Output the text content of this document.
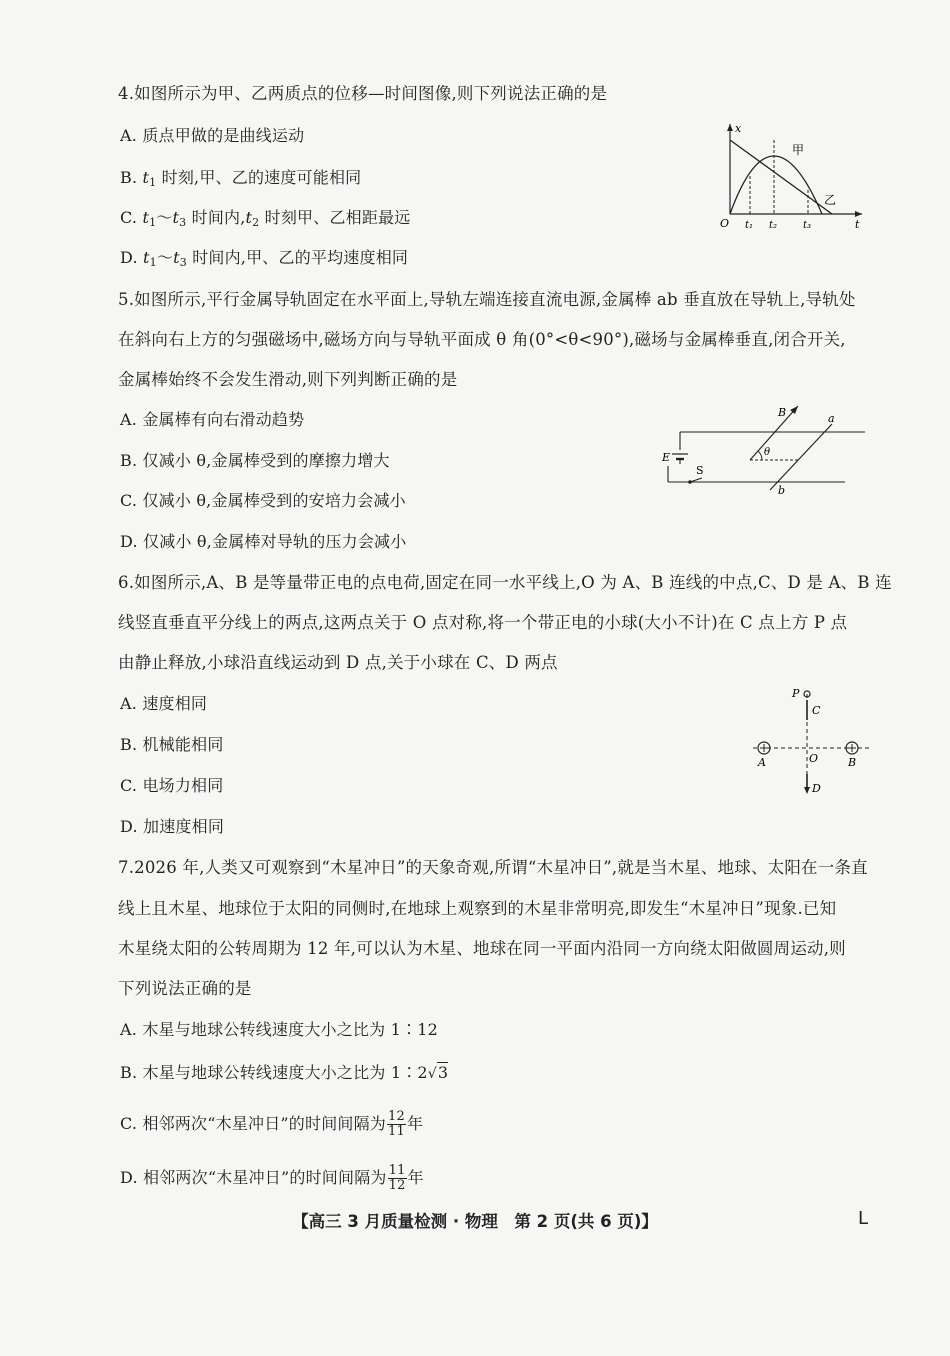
4.如图所示为甲、乙两质点的位移—时间图像,则下列说法正确的是
A. 质点甲做的是曲线运动
B. $t_1$ 时刻,甲、乙的速度可能相同
C. $t_1\sim t_3$ 时间内$,t_2$ 时刻甲、乙相距最远
D. $t_1\sim t_3$ 时间内,甲、乙的平均速度相同
x
t
O t₁ t₂	t₃
甲
乙
5.如图所示,平行金属导轨固定在水平面上,导轨左端连接直流电源,金属棒 ab 垂直放在导轨上,导轨处
在斜向右上方的匀强磁场中,磁场方向与导轨平面成 θ 角(0°<θ<90°),磁场与金属棒垂直,闭合开关,
金属棒始终不会发生滑动,则下列判断正确的是
A. 金属棒有向右滑动趋势
B. 仅减小 θ,金属棒受到的摩擦力增大
C. 仅减小 θ,金属棒受到的安培力会减小
D. 仅减小 θ,金属棒对导轨的压力会减小
E
S
a
b
B
θ
6.如图所示,A、B 是等量带正电的点电荷,固定在同一水平线上,O 为 A、B 连线的中点,C、D 是 A、B 连
线竖直垂直平分线上的两点,这两点关于 O 点对称,将一个带正电的小球(大小不计)在 C 点上方 P 点
由静止释放,小球沿直线运动到 D 点,关于小球在 C、D 两点
A. 速度相同
B. 机械能相同
C. 电场力相同
D. 加速度相同
P
C
A	B
O
D
7.2026 年,人类又可观察到“木星冲日”的天象奇观,所谓“木星冲日”,就是当木星、地球、太阳在一条直
线上且木星、地球位于太阳的同侧时,在地球上观察到的木星非常明亮,即发生“木星冲日”现象.已知
木星绕太阳的公转周期为 12 年,可以认为木星、地球在同一平面内沿同一方向绕太阳做圆周运动,则
下列说法正确的是
A. 木星与地球公转线速度大小之比为 1∶12
B. 木星与地球公转线速度大小之比为 1∶2√3
C. 相邻两次“木星冲日”的时间间隔为 $\frac{12}{11}$ 年
D. 相邻两次“木星冲日”的时间间隔为 $\frac{11}{12}$ 年
【高三 3 月质量检测 · 物理　第 2 页(共 6 页)】	L
